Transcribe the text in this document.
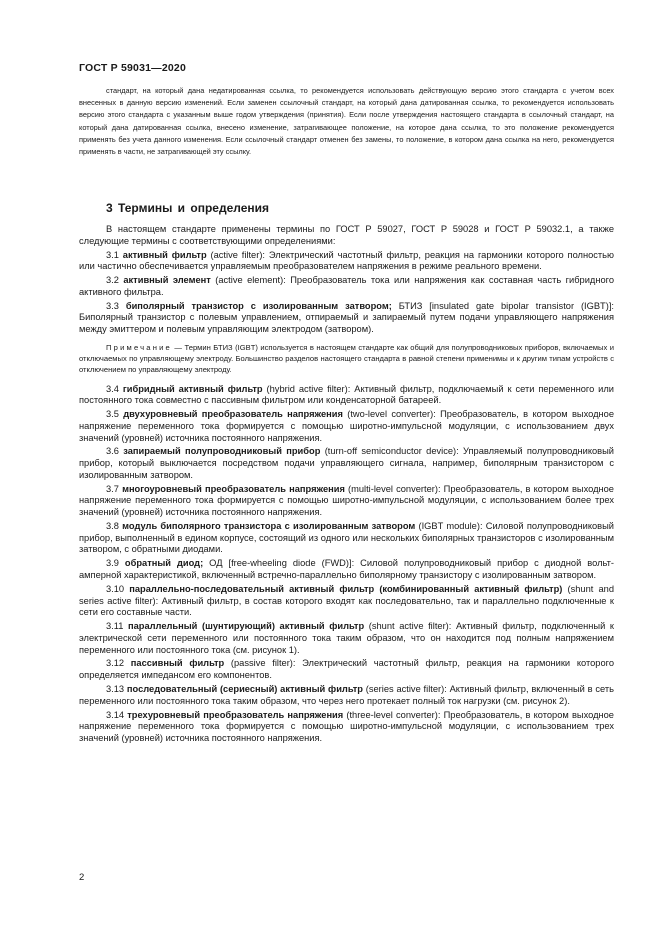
ГОСТ Р 59031—2020

стандарт, на который дана недатированная ссылка, то рекомендуется использовать действующую версию этого стандарта с учетом всех внесенных в данную версию изменений. Если заменен ссылочный стандарт, на который дана датированная ссылка, то рекомендуется использовать версию этого стандарта с указанным выше годом утверждения (принятия). Если после утверждения настоящего стандарта в ссылочный стандарт, на который дана датированная ссылка, внесено изменение, затрагивающее положение, на которое дана ссылка, то это положение рекомендуется применять без учета данного изменения. Если ссылочный стандарт отменен без замены, то положение, в котором дана ссылка на него, рекомендуется применять в части, не затрагивающей эту ссылку.

3 Термины и определения

В настоящем стандарте применены термины по ГОСТ Р 59027, ГОСТ Р 59028 и ГОСТ Р 59032.1, а также следующие термины с соответствующими определениями:

3.1 активный фильтр (active filter): Электрический частотный фильтр, реакция на гармоники которого полностью или частично обеспечивается управляемым преобразователем напряжения в режиме реального времени.

3.2 активный элемент (active element): Преобразователь тока или напряжения как составная часть гибридного активного фильтра.

3.3 биполярный транзистор с изолированным затвором; БТИЗ [insulated gate bipolar transistor (IGBT)]: Биполярный транзистор с полевым управлением, отпираемый и запираемый путем подачи управляющего напряжения между эмиттером и полевым управляющим электродом (затвором).

Примечание — Термин БТИЗ (IGBT) используется в настоящем стандарте как общий для полупроводниковых приборов, включаемых и отключаемых по управляющему электроду. Большинство разделов настоящего стандарта в равной степени применимы и к другим типам устройств с отключением по управляющему электроду.

3.4 гибридный активный фильтр (hybrid active filter): Активный фильтр, подключаемый к сети переменного или постоянного тока совместно с пассивным фильтром или конденсаторной батареей.

3.5 двухуровневый преобразователь напряжения (two-level converter): Преобразователь, в котором выходное напряжение переменного тока формируется с помощью широтно-импульсной модуляции, с использованием двух значений (уровней) источника постоянного напряжения.

3.6 запираемый полупроводниковый прибор (turn-off semiconductor device): Управляемый полупроводниковый прибор, который выключается посредством подачи управляющего сигнала, например, биполярным транзистором с изолированным затвором.

3.7 многоуровневый преобразователь напряжения (multi-level converter): Преобразователь, в котором выходное напряжение переменного тока формируется с помощью широтно-импульсной модуляции, с использованием более трех значений (уровней) источника постоянного напряжения.

3.8 модуль биполярного транзистора с изолированным затвором (IGBT module): Силовой полупроводниковый прибор, выполненный в едином корпусе, состоящий из одного или нескольких биполярных транзисторов с изолированным затвором, с обратными диодами.

3.9 обратный диод; ОД [free-wheeling diode (FWD)]: Силовой полупроводниковый прибор с диодной вольт-амперной характеристикой, включенный встречно-параллельно биполярному транзистору с изолированным затвором.

3.10 параллельно-последовательный активный фильтр (комбинированный активный фильтр) (shunt and series active filter): Активный фильтр, в состав которого входят как последовательно, так и параллельно подключенные к сети его составные части.

3.11 параллельный (шунтирующий) активный фильтр (shunt active filter): Активный фильтр, подключенный к электрической сети переменного или постоянного тока таким образом, что он находится под полным напряжением переменного или постоянного тока (см. рисунок 1).

3.12 пассивный фильтр (passive filter): Электрический частотный фильтр, реакция на гармоники которого определяется импедансом его компонентов.

3.13 последовательный (сериесный) активный фильтр (series active filter): Активный фильтр, включенный в сеть переменного или постоянного тока таким образом, что через него протекает полный ток нагрузки (см. рисунок 2).

3.14 трехуровневый преобразователь напряжения (three-level converter): Преобразователь, в котором выходное напряжение переменного тока формируется с помощью широтно-импульсной модуляции, с использованием трех значений (уровней) источника постоянного напряжения.

2
